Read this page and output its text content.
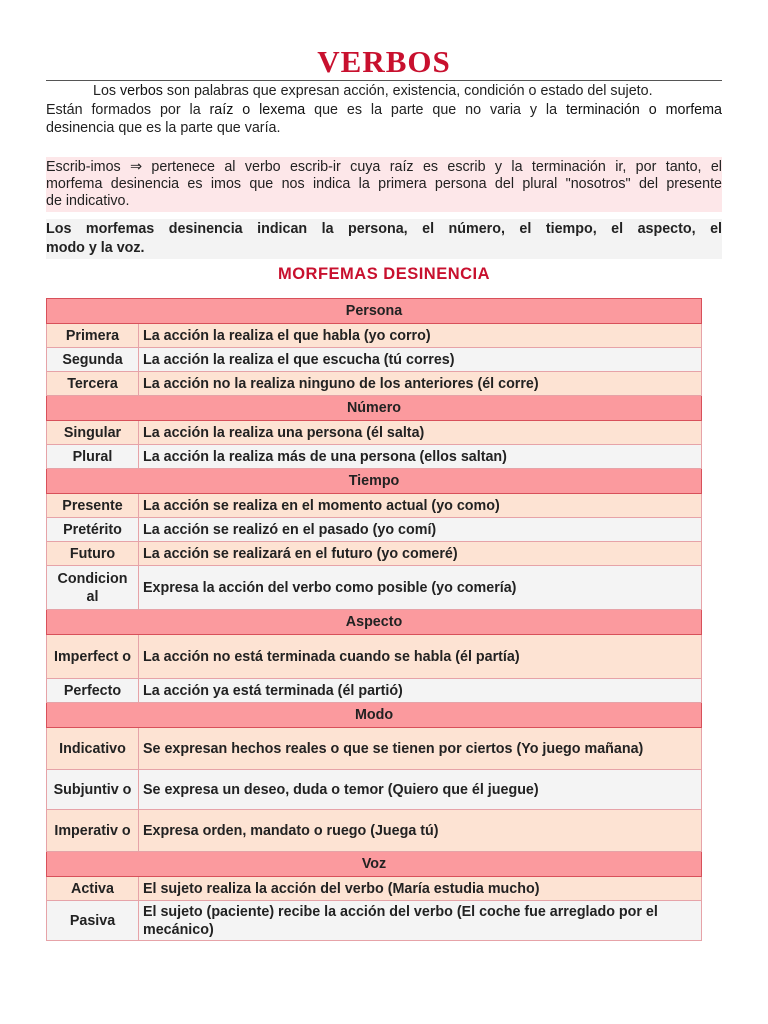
VERBOS
Los verbos son palabras que expresan acción, existencia, condición o estado del sujeto.
Están formados por la raíz o lexema que es la parte que no varia y la terminación o morfema
desinencia que es la parte que varía.
Escrib-imos ⇒ pertenece al verbo escrib-ir cuya raíz es escrib y la terminación ir, por tanto, el
morfema desinencia es imos que nos indica la primera persona del plural "nosotros" del presente
de indicativo.
Los morfemas desinencia indican la persona, el número, el tiempo, el aspecto, el
modo y la voz.
MORFEMAS DESINENCIA
Persona	
Primera	La acción la realiza el que habla (yo corro)
Segunda	La acción la realiza el que escucha (tú corres)
Tercera	La acción no la realiza ninguno de los anteriores (él corre)
Número	
Singular	La acción la realiza una persona (él salta)
Plural	La acción la realiza más de una persona (ellos saltan)
Tiempo	
Presente	La acción se realiza en el momento actual (yo como)
Pretérito	La acción se realizó en el pasado (yo comí)
Futuro	La acción se realizará en el futuro (yo comeré)
Condicion al	Expresa la acción del verbo como posible (yo comería)
Aspecto	
Imperfect o	La acción no está terminada cuando se habla (él partía)
Perfecto	La acción ya está terminada (él partió)
Modo	
Indicativo	Se expresan hechos reales o que se tienen por ciertos (Yo juego mañana)
Subjuntiv o	Se expresa un deseo, duda o temor (Quiero que él juegue)
Imperativ o	Expresa orden, mandato o ruego (Juega tú)
Voz	
Activa	El sujeto realiza la acción del verbo (María estudia mucho)
Pasiva	El sujeto (paciente) recibe la acción del verbo (El coche fue arreglado por el mecánico)
